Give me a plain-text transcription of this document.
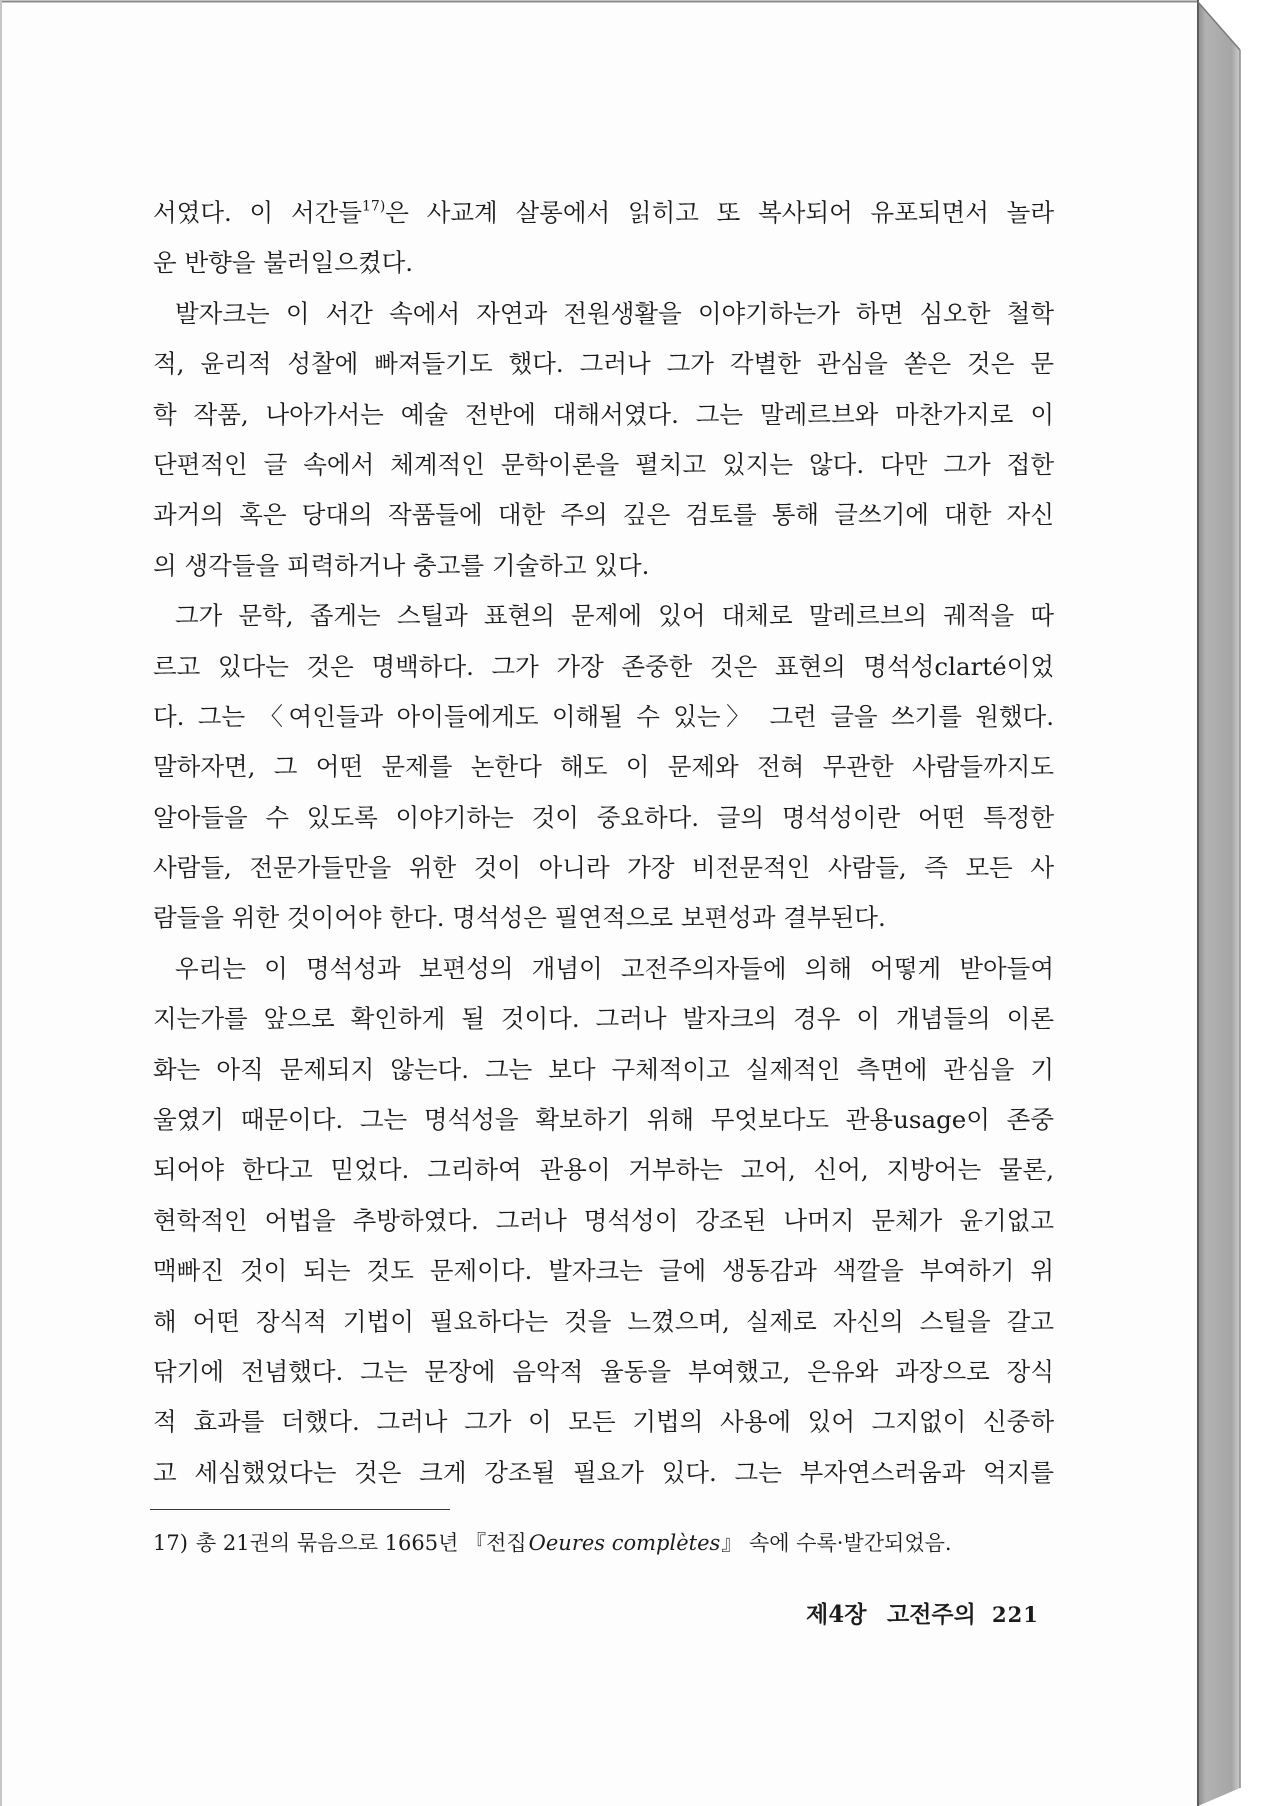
서였다. 이 서간들$^{17)}$은 사교계 살롱에서 읽히고 또 복사되어 유포되면서 놀라
운 반향을 불러일으켰다.
발자크는 이 서간 속에서 자연과 전원생활을 이야기하는가 하면 심오한 철학
적, 윤리적 성찰에 빠져들기도 했다. 그러나 그가 각별한 관심을 쏟은 것은 문
학 작품, 나아가서는 예술 전반에 대해서였다. 그는 말레르브와 마찬가지로 이
단편적인 글 속에서 체계적인 문학이론을 펼치고 있지는 않다. 다만 그가 접한
과거의 혹은 당대의 작품들에 대한 주의 깊은 검토를 통해 글쓰기에 대한 자신
의 생각들을 피력하거나 충고를 기술하고 있다.
그가 문학, 좁게는 스틸과 표현의 문제에 있어 대체로 말레르브의 궤적을 따
르고 있다는 것은 명백하다. 그가 가장 존중한 것은 표현의 명석성clarté이었
다. 그는 〈여인들과 아이들에게도 이해될 수 있는〉 그런 글을 쓰기를 원했다.
말하자면, 그 어떤 문제를 논한다 해도 이 문제와 전혀 무관한 사람들까지도
알아들을 수 있도록 이야기하는 것이 중요하다. 글의 명석성이란 어떤 특정한
사람들, 전문가들만을 위한 것이 아니라 가장 비전문적인 사람들, 즉 모든 사
람들을 위한 것이어야 한다. 명석성은 필연적으로 보편성과 결부된다.
우리는 이 명석성과 보편성의 개념이 고전주의자들에 의해 어떻게 받아들여
지는가를 앞으로 확인하게 될 것이다. 그러나 발자크의 경우 이 개념들의 이론
화는 아직 문제되지 않는다. 그는 보다 구체적이고 실제적인 측면에 관심을 기
울였기 때문이다. 그는 명석성을 확보하기 위해 무엇보다도 관용usage이 존중
되어야 한다고 믿었다. 그리하여 관용이 거부하는 고어, 신어, 지방어는 물론,
현학적인 어법을 추방하였다. 그러나 명석성이 강조된 나머지 문체가 윤기없고
맥빠진 것이 되는 것도 문제이다. 발자크는 글에 생동감과 색깔을 부여하기 위
해 어떤 장식적 기법이 필요하다는 것을 느꼈으며, 실제로 자신의 스틸을 갈고
닦기에 전념했다. 그는 문장에 음악적 율동을 부여했고, 은유와 과장으로 장식
적 효과를 더했다. 그러나 그가 이 모든 기법의 사용에 있어 그지없이 신중하
고 세심했었다는 것은 크게 강조될 필요가 있다. 그는 부자연스러움과 억지를
17) 총 21권의 묶음으로 1665년 『전집Oeures complètes』 속에 수록·발간되었음.
제4장 고전주의 221
